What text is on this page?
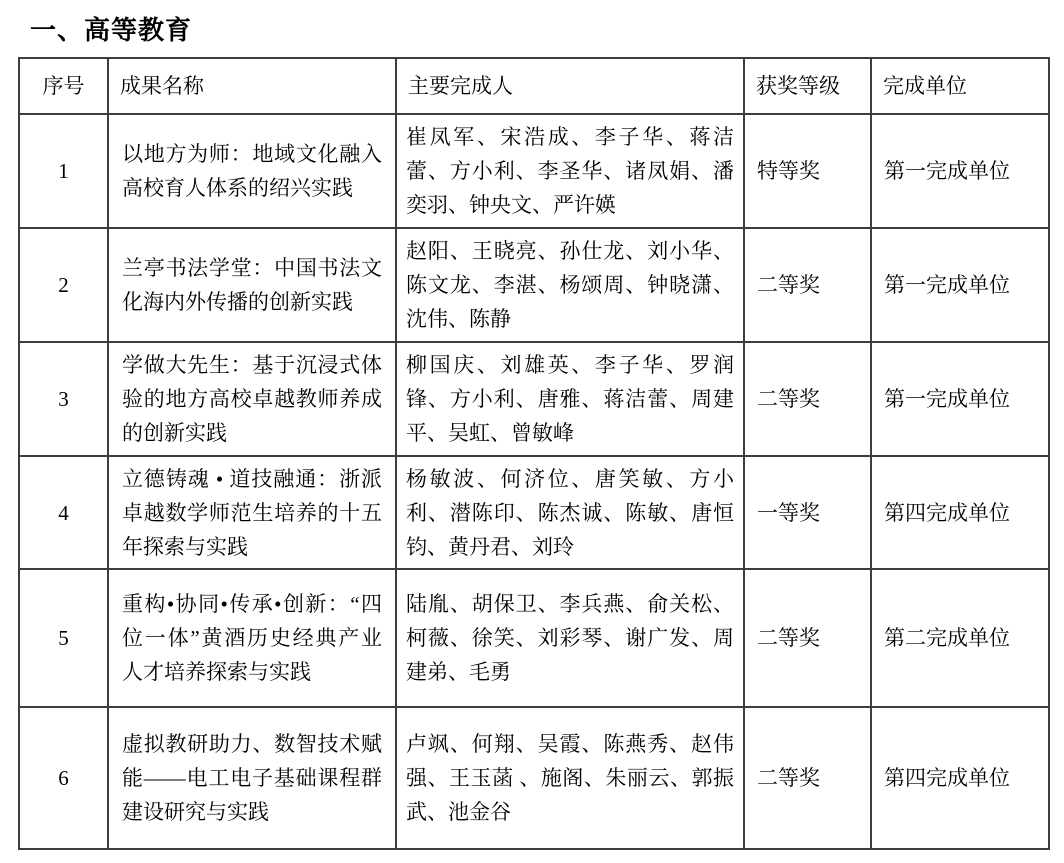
一、高等教育
序号	成果名称	主要完成人	获奖等级	完成单位
1	以地方为师：地域文化融入高校育人体系的绍兴实践	崔凤军、宋浩成、李子华、蒋洁蕾、方小利、李圣华、诸凤娟、潘奕羽、钟央文、严许媖	特等奖	第一完成单位
2	兰亭书法学堂：中国书法文化海内外传播的创新实践	赵阳、王晓亮、孙仕龙、刘小华、陈文龙、李湛、杨颂周、钟晓潇、沈伟、陈静	二等奖	第一完成单位
3	学做大先生：基于沉浸式体验的地方高校卓越教师养成的创新实践	柳国庆、刘雄英、李子华、罗润锋、方小利、唐雅、蒋洁蕾、周建平、吴虹、曾敏峰	二等奖	第一完成单位
4	立德铸魂 • 道技融通：浙派卓越数学师范生培养的十五年探索与实践	杨敏波、何济位、唐笑敏、方小利、潜陈印、陈杰诚、陈敏、唐恒钧、黄丹君、刘玲	一等奖	第四完成单位
5	重构•协同•传承•创新：“四位一体”黄酒历史经典产业人才培养探索与实践	陆胤、胡保卫、李兵燕、俞关松、柯薇、徐笑、刘彩琴、谢广发、周建弟、毛勇	二等奖	第二完成单位
6	虚拟教研助力、数智技术赋能——电工电子基础课程群建设研究与实践	卢飒、何翔、吴霞、陈燕秀、赵伟强、王玉菡 、施阁、朱丽云、郭振武、池金谷	二等奖	第四完成单位
